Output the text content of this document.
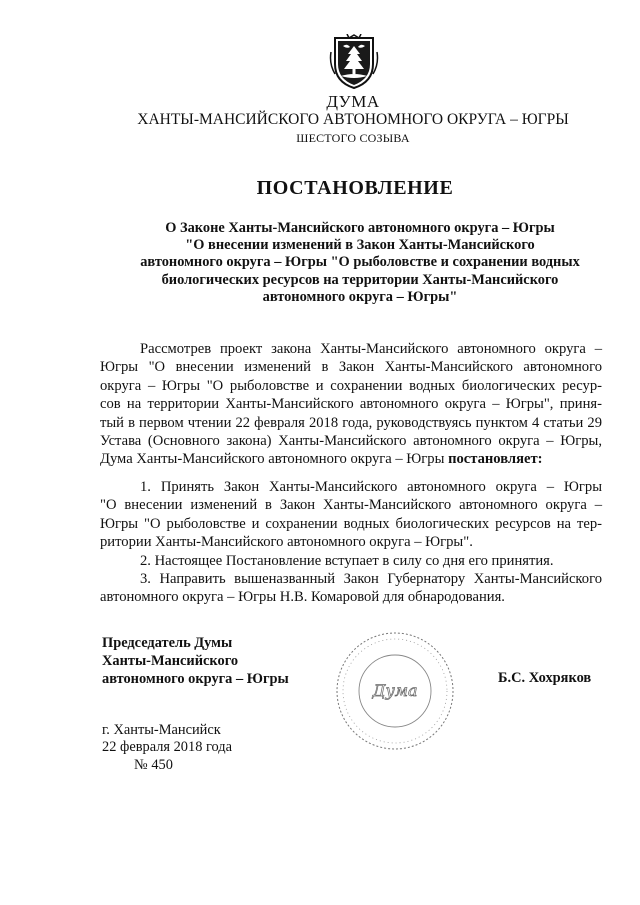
ДУМА
ХАНТЫ-МАНСИЙСКОГО АВТОНОМНОГО ОКРУГА – ЮГРЫ
ШЕСТОГО СОЗЫВА
ПОСТАНОВЛЕНИЕ
О Законе Ханты-Мансийского автономного округа – Югры
"О внесении изменений в Закон Ханты-Мансийского
автономного округа – Югры "О рыболовстве и сохранении водных
биологических ресурсов на территории Ханты-Мансийского
автономного округа – Югры"
Рассмотрев проект закона Ханты-Мансийского автономного округа –
Югры "О внесении изменений в Закон Ханты-Мансийского автономного
округа – Югры "О рыболовстве и сохранении водных биологических ресур-
сов на территории Ханты-Мансийского автономного округа – Югры", приня-
тый в первом чтении 22 февраля 2018 года, руководствуясь пунктом 4 статьи 29
Устава (Основного закона) Ханты-Мансийского автономного округа – Югры,
Дума Ханты-Мансийского автономного округа – Югры постановляет:
1. Принять Закон Ханты-Мансийского автономного округа – Югры
"О внесении изменений в Закон Ханты-Мансийского автономного округа –
Югры "О рыболовстве и сохранении водных биологических ресурсов на тер-
ритории Ханты-Мансийского автономного округа – Югры".
2. Настоящее Постановление вступает в силу со дня его принятия.
3. Направить вышеназванный Закон Губернатору Ханты-Мансийского
автономного округа – Югры Н.В. Комаровой для обнародования.
Председатель Думы
Ханты-Мансийского
автономного округа – Югры
Дума
Б.С. Хохряков
г. Ханты-Мансийск
22 февраля 2018 года
№ 450
